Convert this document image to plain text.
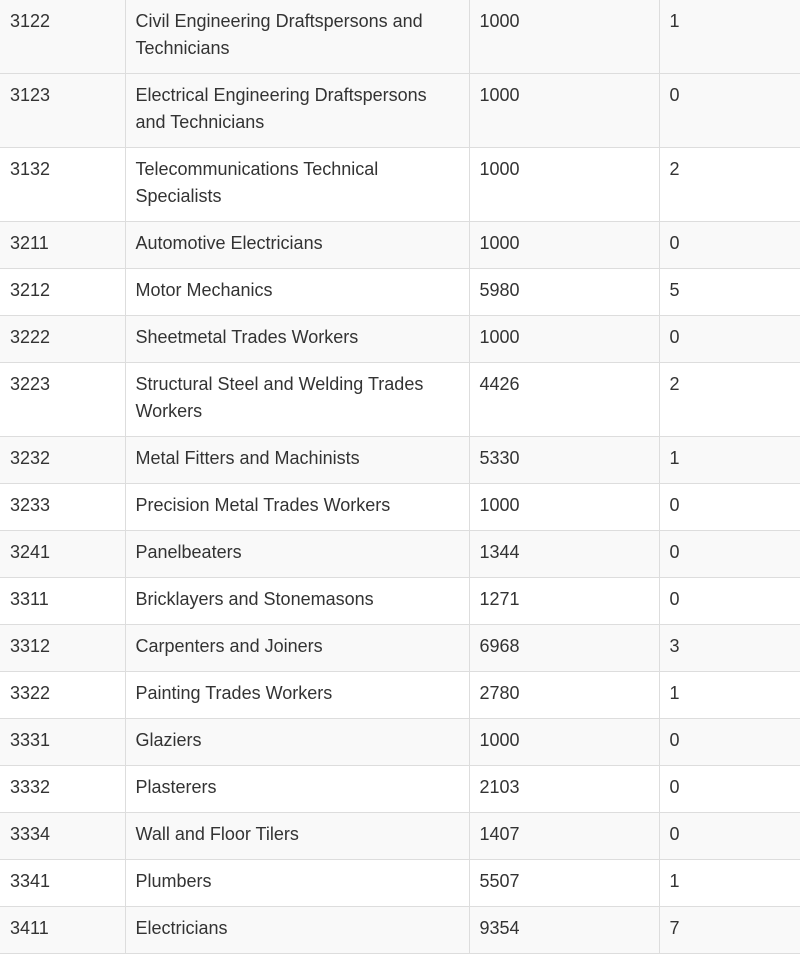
3122	Civil Engineering Draftspersons and Technicians	1000	1
3123	Electrical Engineering Draftspersons and Technicians	1000	0
3132	Telecommunications Technical Specialists	1000	2
3211	Automotive Electricians	1000	0
3212	Motor Mechanics	5980	5
3222	Sheetmetal Trades Workers	1000	0
3223	Structural Steel and Welding Trades Workers	4426	2
3232	Metal Fitters and Machinists	5330	1
3233	Precision Metal Trades Workers	1000	0
3241	Panelbeaters	1344	0
3311	Bricklayers and Stonemasons	1271	0
3312	Carpenters and Joiners	6968	3
3322	Painting Trades Workers	2780	1
3331	Glaziers	1000	0
3332	Plasterers	2103	0
3334	Wall and Floor Tilers	1407	0
3341	Plumbers	5507	1
3411	Electricians	9354	7
